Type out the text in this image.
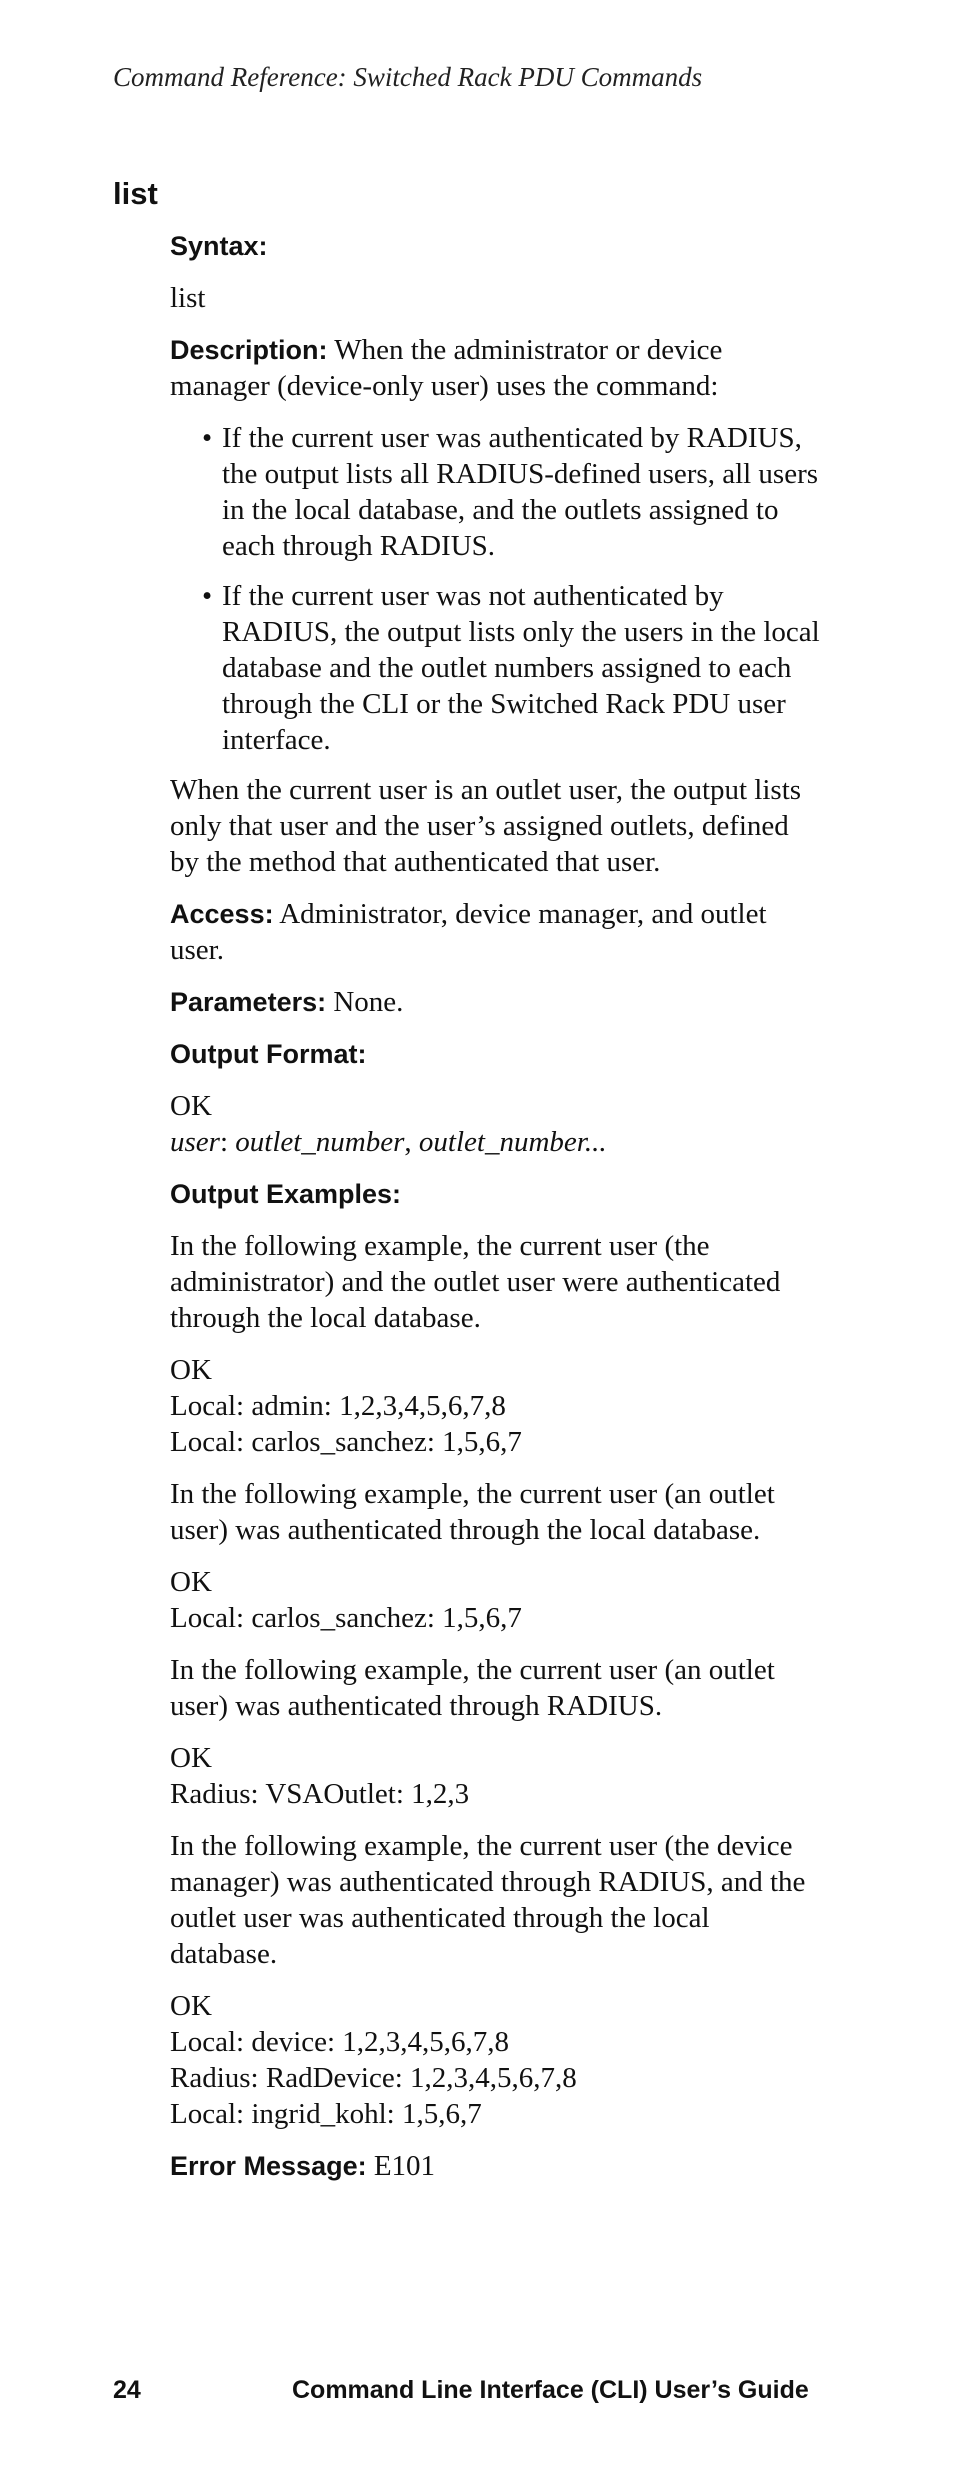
Command Reference: Switched Rack PDU Commands
list

Syntax:

list

Description: When the administrator or device manager (device-only user) uses the command:

• If the current user was authenticated by RADIUS, the output lists all RADIUS-defined users, all users in the local database, and the outlets assigned to each through RADIUS.
• If the current user was not authenticated by RADIUS, the output lists only the users in the local database and the outlet numbers assigned to each through the CLI or the Switched Rack PDU user interface.

When the current user is an outlet user, the output lists only that user and the user’s assigned outlets, defined by the method that authenticated that user.

Access: Administrator, device manager, and outlet user.

Parameters: None.

Output Format:

OK
user: outlet_number, outlet_number...

Output Examples:

In the following example, the current user (the administrator) and the outlet user were authenticated through the local database.

OK
Local: admin: 1,2,3,4,5,6,7,8
Local: carlos_sanchez: 1,5,6,7

In the following example, the current user (an outlet user) was authenticated through the local database.

OK
Local: carlos_sanchez: 1,5,6,7

In the following example, the current user (an outlet user) was authenticated through RADIUS.

OK
Radius: VSAOutlet: 1,2,3

In the following example, the current user (the device manager) was authenticated through RADIUS, and the outlet user was authenticated through the local database.

OK
Local: device: 1,2,3,4,5,6,7,8
Radius: RadDevice: 1,2,3,4,5,6,7,8
Local: ingrid_kohl: 1,5,6,7

Error Message: E101

24	Command Line Interface (CLI) User’s Guide
